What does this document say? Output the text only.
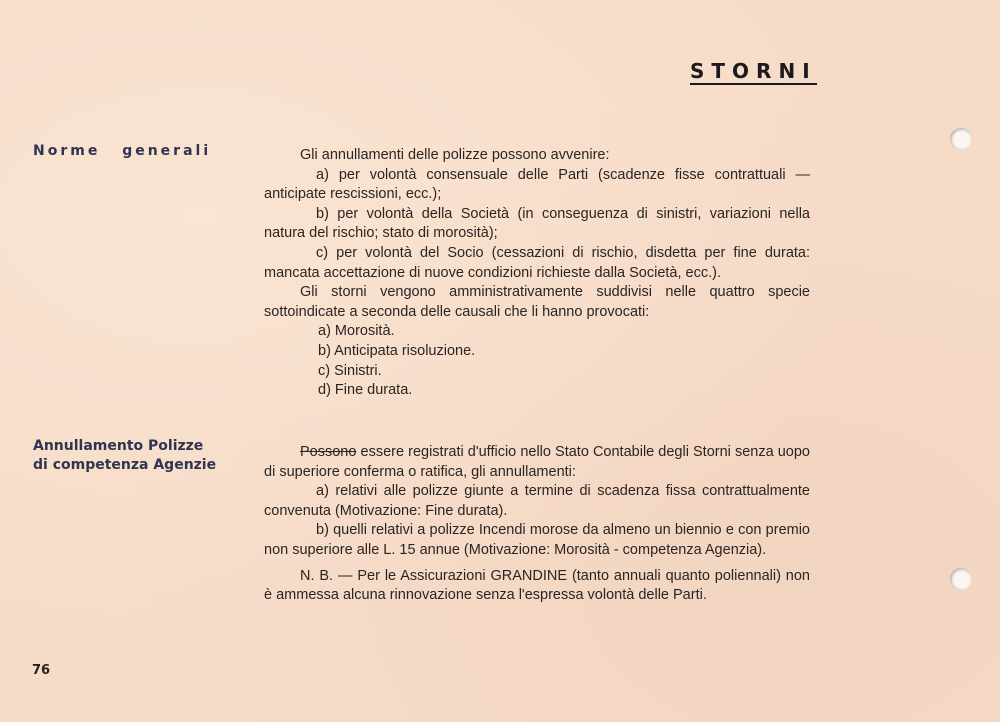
STORNI
Norme generali	Gli annullamenti delle polizze possono avvenire:

a) per volontà consensuale delle Parti (scadenze fisse contrattuali — anticipate rescissioni, ecc.);

b) per volontà della Società (in conseguenza di sinistri, variazioni nella natura del rischio; stato di morosità);

c) per volontà del Socio (cessazioni di rischio, disdetta per fine durata: mancata accettazione di nuove condizioni richieste dalla Società, ecc.).

Gli storni vengono amministrativamente suddivisi nelle quattro specie sottoindicate a seconda delle causali che li hanno provocati:

a) Morosità.

b) Anticipata risoluzione.

c) Sinistri.

d) Fine durata.

Annullamento Polizze
di competenza Agenzie

Possono essere registrati d'ufficio nello Stato Contabile degli Storni senza uopo di superiore conferma o ratifica, gli annullamenti:

a) relativi alle polizze giunte a termine di scadenza fissa contrattualmente convenuta (Motivazione: Fine durata).

b) quelli relativi a polizze Incendi morose da almeno un biennio e con premio non superiore alle L. 15 annue (Motivazione: Morosità - competenza Agenzia).

N. B. — Per le Assicurazioni GRANDINE (tanto annuali quanto poliennali) non è ammessa alcuna rinnovazione senza l'espressa volontà delle Parti.

76
